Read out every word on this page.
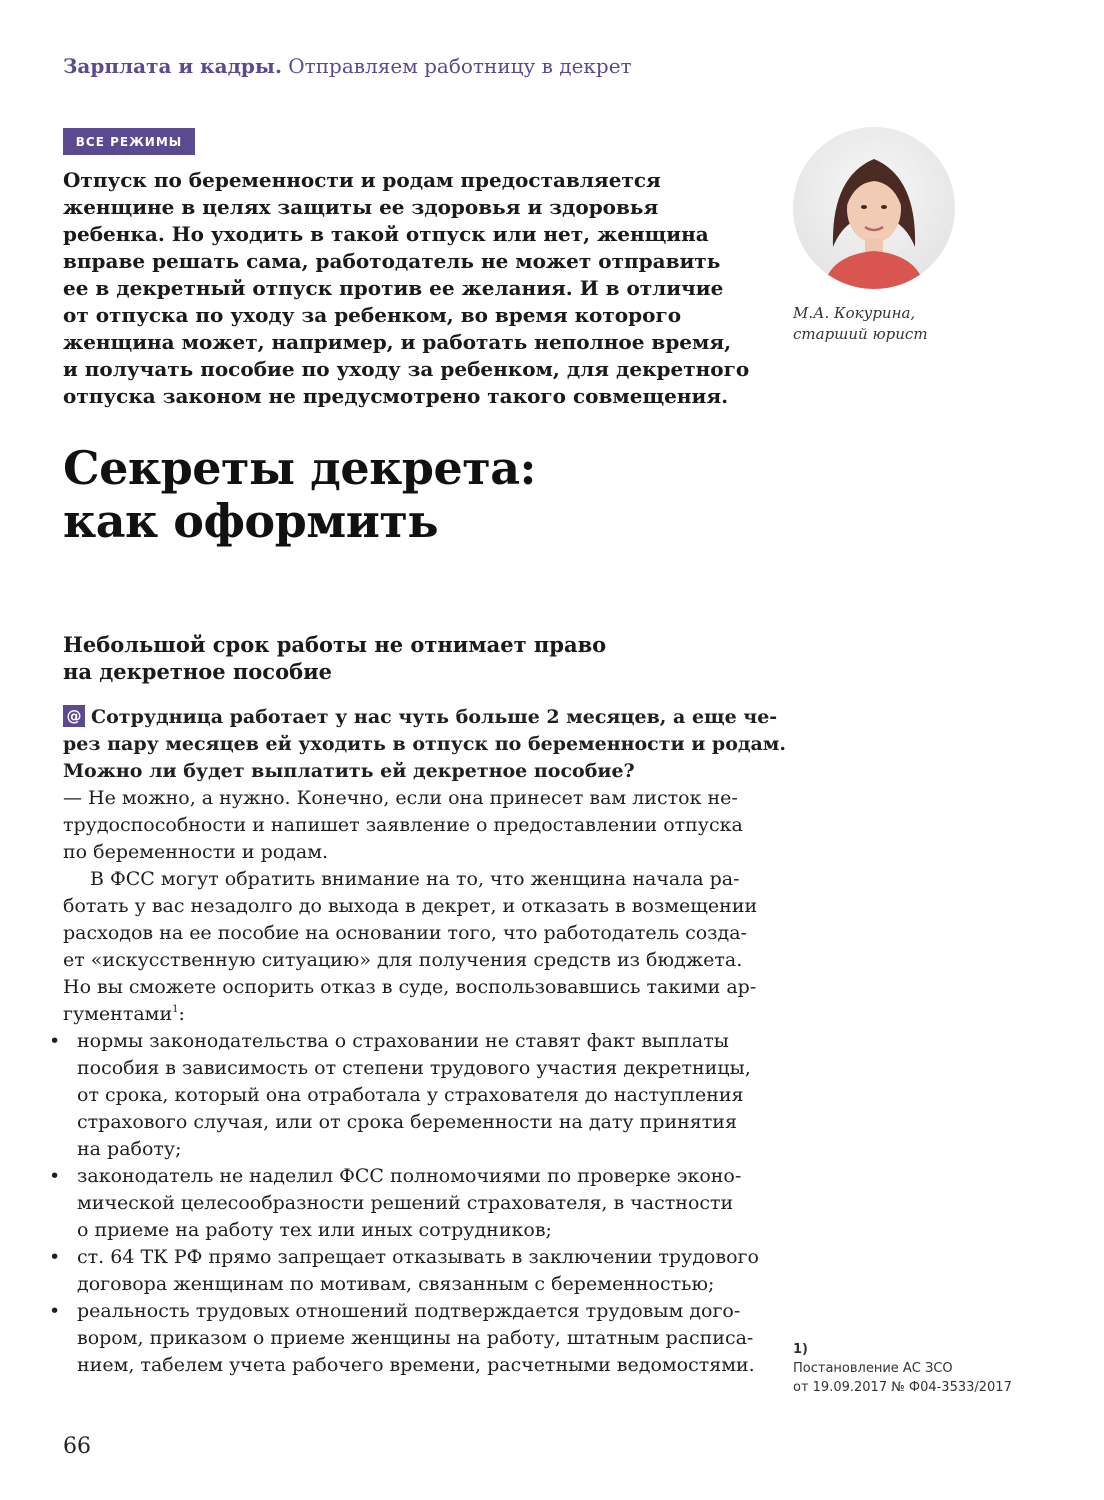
Зарплата и кадры. Отправляем работницу в декрет
ВСЕ РЕЖИМЫ
Отпуск по беременности и родам предоставляется
женщине в целях защиты ее здоровья и здоровья
ребенка. Но уходить в такой отпуск или нет, женщина
вправе решать сама, работодатель не может отправить
ее в декретный отпуск против ее желания. И в отличие
от отпуска по уходу за ребенком, во время которого
женщина может, например, и работать неполное время,
и получать пособие по уходу за ребенком, для декретного
отпуска законом не предусмотрено такого совмещения.
М.А. Кокурина,
старший юрист
Секреты декрета:
как оформить
Небольшой срок работы не отнимает право
на декретное пособие
@ Сотрудница работает у нас чуть больше 2 месяцев, а еще че-
рез пару месяцев ей уходить в отпуск по беременности и родам.
Можно ли будет выплатить ей декретное пособие?
— Не можно, а нужно. Конечно, если она принесет вам листок не-
трудоспособности и напишет заявление о предоставлении отпуска
по беременности и родам.
В ФСС могут обратить внимание на то, что женщина начала ра-
ботать у вас незадолго до выхода в декрет, и отказать в возмещении
расходов на ее пособие на основании того, что работодатель созда-
ет «искусственную ситуацию» для получения средств из бюджета.
Но вы сможете оспорить отказ в суде, воспользовавшись такими ар-
гументами$^1$:
• нормы законодательства о страховании не ставят факт выплаты
пособия в зависимость от степени трудового участия декретницы,
от срока, который она отработала у страхователя до наступления
страхового случая, или от срока беременности на дату принятия
на работу;
• законодатель не наделил ФСС полномочиями по проверке эконо-
мической целесообразности решений страхователя, в частности
о приеме на работу тех или иных сотрудников;
• ст. 64 ТК РФ прямо запрещает отказывать в заключении трудового
договора женщинам по мотивам, связанным с беременностью;
• реальность трудовых отношений подтверждается трудовым дого-
вором, приказом о приеме женщины на работу, штатным расписа-
нием, табелем учета рабочего времени, расчетными ведомостями.
1)
Постановление АС ЗСО
от 19.09.2017 № Ф04-3533/2017
66
